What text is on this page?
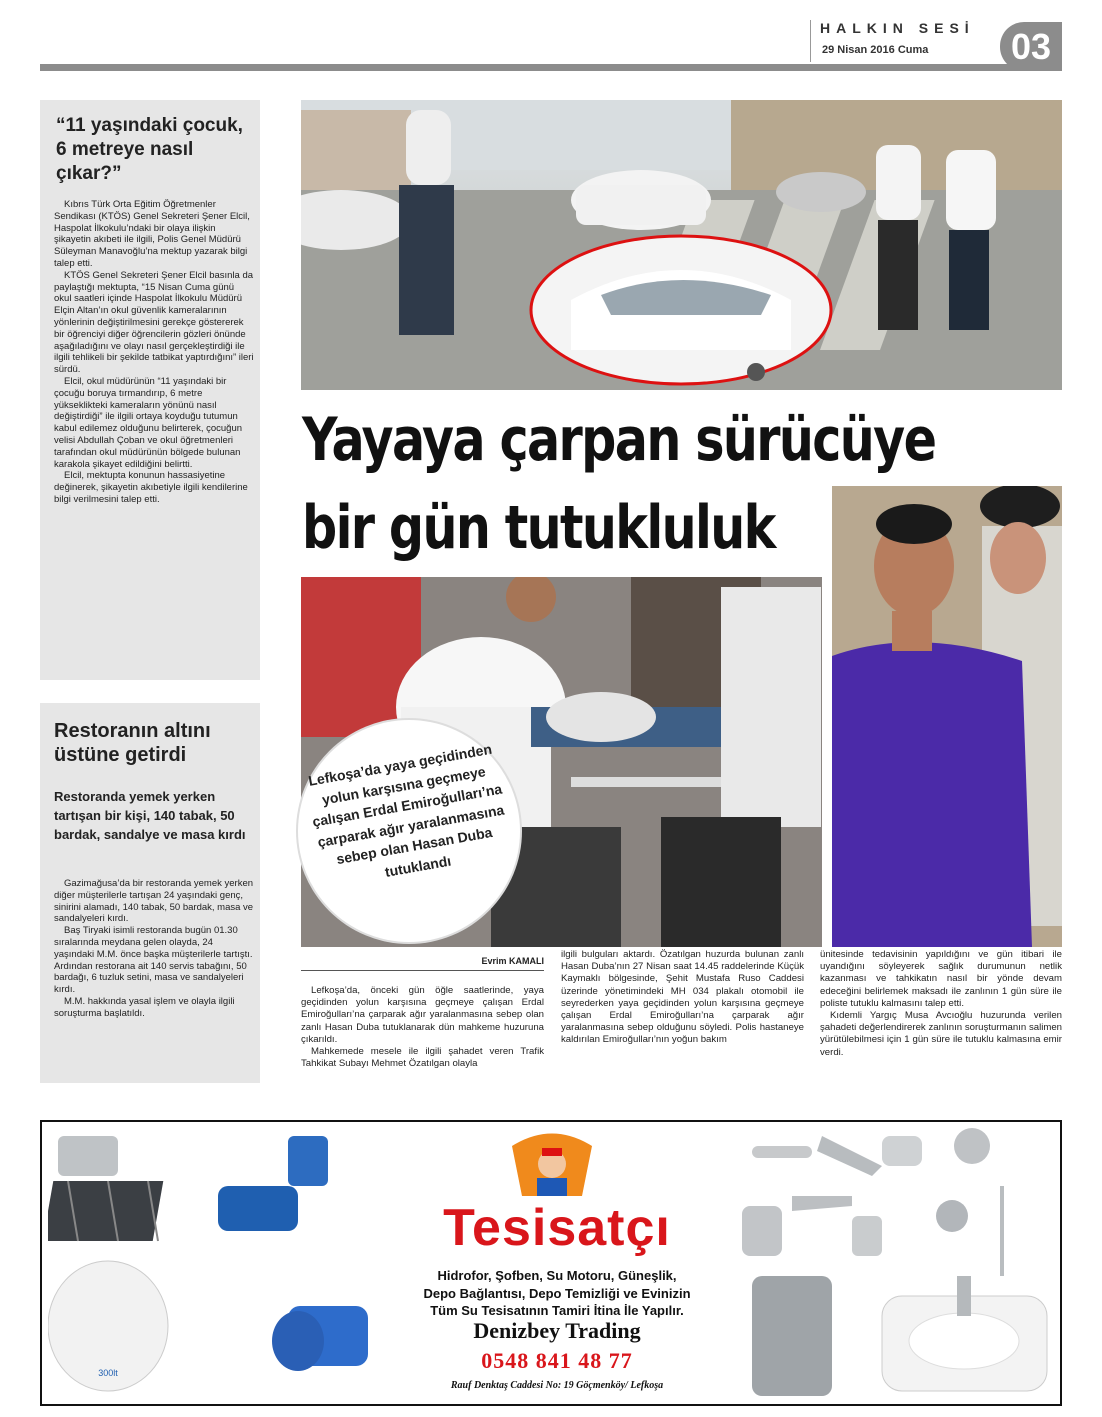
HALKIN SESİ
29 Nisan 2016 Cuma	03
“11 yaşındaki çocuk, 6 metreye nasıl çıkar?”

Kıbrıs Türk Orta Eğitim Öğretmenler Sendikası (KTÖS) Genel Sekreteri Şener Elcil, Haspolat İlkokulu’ndaki bir olaya ilişkin şikayetin akıbeti ile ilgili, Polis Genel Müdürü Süleyman Manavoğlu’na mektup yazarak bilgi talep etti.

KTÖS Genel Sekreteri Şener Elcil basınla da paylaştığı mektupta, “15 Nisan Cuma günü okul saatleri içinde Haspolat İlkokulu Müdürü Elçin Altan’ın okul güvenlik kameralarının yönlerinin değiştirilmesini gerekçe göstererek bir öğrenciyi diğer öğrencilerin gözleri önünde aşağıladığını ve olayı nasıl gerçekleştirdiği ile ilgili tehlikeli bir şekilde tatbikat yaptırdığını” ileri sürdü.

Elcil, okul müdürünün “11 yaşındaki bir çocuğu boruya tırmandırıp, 6 metre yükseklikteki kameraların yönünü nasıl değiştirdiği” ile ilgili ortaya koyduğu tutumun kabul edilemez olduğunu belirterek, çocuğun velisi Abdullah Çoban ve okul öğretmenleri tarafından okul müdürünün bölgede bulunan karakola şikayet edildiğini belirtti.

Elcil, mektupta konunun hassasiyetine değinerek, şikayetin akıbetiyle ilgili kendilerine bilgi verilmesini talep etti.

Restoranın altını üstüne getirdi
Restoranda yemek yerken tartışan bir kişi, 140 tabak, 50 bardak, sandalye ve masa kırdı

Gazimağusa’da bir restoranda yemek yerken diğer müşterilerle tartışan 24 yaşındaki genç, sinirini alamadı, 140 tabak, 50 bardak, masa ve sandalyeleri kırdı.

Baş Tiryaki isimli restoranda bugün 01.30 sıralarında meydana gelen olayda, 24 yaşındaki M.M. önce başka müşterilerle tartıştı. Ardından restorana ait 140 servis tabağını, 50 bardağı, 6 tuzluk setini, masa ve sandalyeleri kırdı.

M.M. hakkında yasal işlem ve olayla ilgili soruşturma başlatıldı.

Yayaya çarpan sürücüye
bir gün tutukluluk
Lefkoşa’da yaya geçidinden yolun karşısına geçmeye çalışan Erdal Emiroğulları’na çarparak ağır yaralanmasına sebep olan Hasan Duba tutuklandı
Evrim KAMALI

Lefkoşa’da, önceki gün öğle saatlerinde, yaya geçidinden yolun karşısına geçmeye çalışan Erdal Emiroğulları’na çarparak ağır yaralanmasına sebep olan zanlı Hasan Duba tutuklanarak dün mahkeme huzuruna çıkarıldı.

Mahkemede mesele ile ilgili şahadet veren Trafik Tahkikat Subayı Mehmet Özatılgan olayla

ilgili bulguları aktardı. Özatılgan huzurda bulunan zanlı Hasan Duba’nın 27 Nisan saat 14.45 raddelerinde Küçük Kaymaklı bölgesinde, Şehit Mustafa Ruso Caddesi üzerinde yönetimindeki MH 034 plakalı otomobil ile seyrederken yaya geçidinden yolun karşısına geçmeye çalışan Erdal Emiroğulları’na çarparak ağır yaralanmasına sebep olduğunu söyledi. Polis hastaneye kaldırılan Emiroğulları’nın yoğun bakım

ünitesinde tedavisinin yapıldığını ve gün itibari ile uyandığını söyleyerek sağlık durumunun netlik kazanması ve tahkikatın nasıl bir yönde devam edeceğini belirlemek maksadı ile zanlının 1 gün süre ile poliste tutuklu kalmasını talep etti.

Kıdemli Yargıç Musa Avcıoğlu huzurunda verilen şahadeti değerlendirerek zanlının soruşturmanın salimen yürütülebilmesi için 1 gün süre ile tutuklu kalmasına emir verdi.

300lt
Tesisatçı
Hidrofor, Şofben, Su Motoru, Güneşlik,
Depo Bağlantısı, Depo Temizliği ve Evinizin
Tüm Su Tesisatının Tamiri İtina İle Yapılır.
Denizbey Trading
0548 841 48 77
Rauf Denktaş Caddesi No: 19 Göçmenköy/ Lefkoşa
